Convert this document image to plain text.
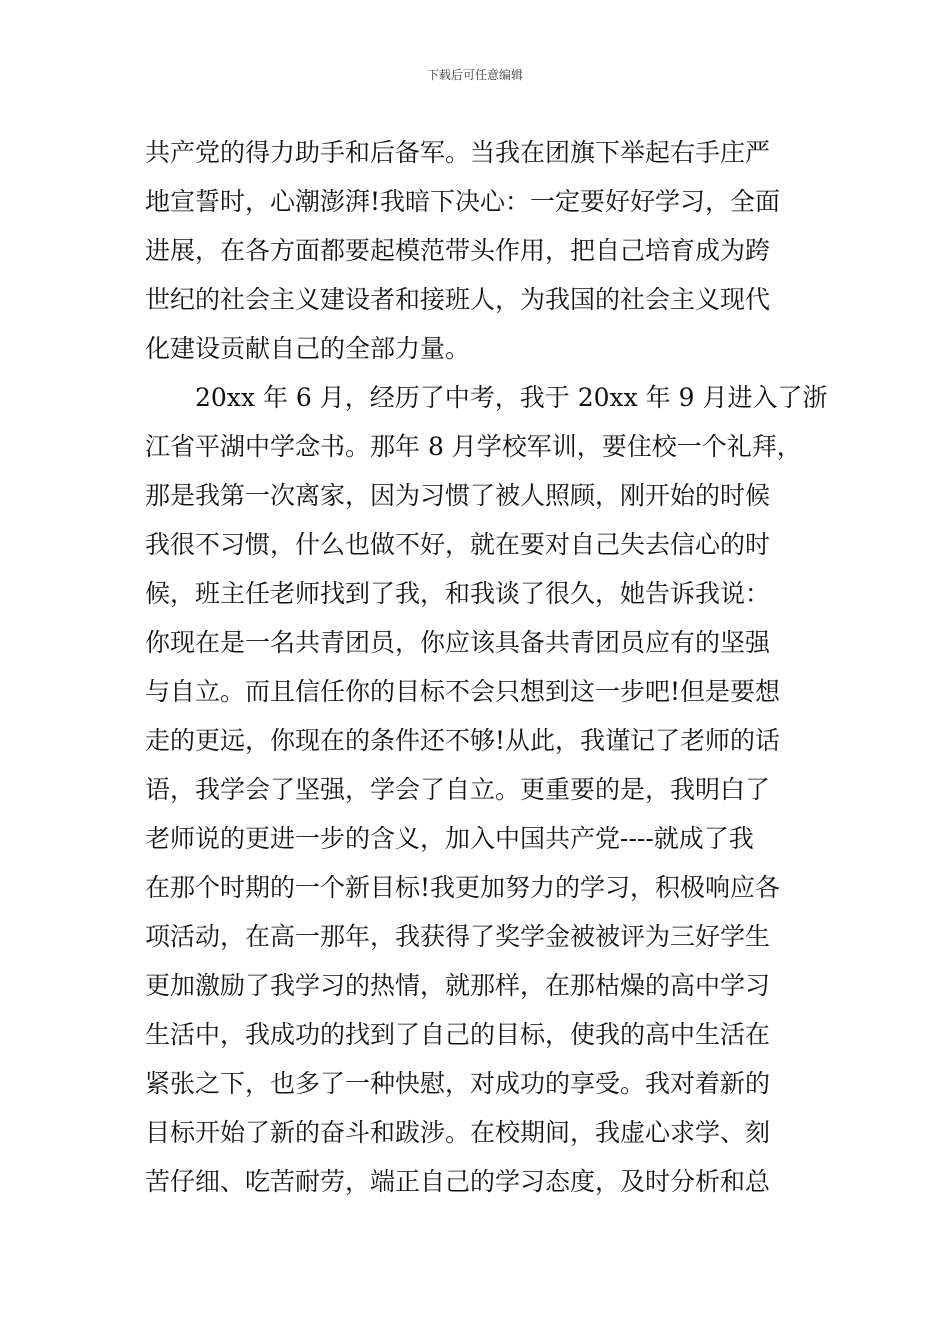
下载后可任意编辑
共产党的得力助手和后备军。当我在团旗下举起右手庄严
地宣誓时，心潮澎湃!我暗下决心：一定要好好学习，全面
进展，在各方面都要起模范带头作用，把自己培育成为跨
世纪的社会主义建设者和接班人，为我国的社会主义现代
化建设贡献自己的全部力量。
　　20xx 年 6 月，经历了中考，我于 20xx 年 9 月进入了浙
江省平湖中学念书。那年 8 月学校军训，要住校一个礼拜，
那是我第一次离家，因为习惯了被人照顾，刚开始的时候
我很不习惯，什么也做不好，就在要对自己失去信心的时
候，班主任老师找到了我，和我谈了很久，她告诉我说：
你现在是一名共青团员，你应该具备共青团员应有的坚强
与自立。而且信任你的目标不会只想到这一步吧!但是要想
走的更远，你现在的条件还不够!从此，我谨记了老师的话
语，我学会了坚强，学会了自立。更重要的是，我明白了
老师说的更进一步的含义，加入中国共产党----就成了我
在那个时期的一个新目标!我更加努力的学习，积极响应各
项活动，在高一那年，我获得了奖学金被被评为三好学生
更加激励了我学习的热情，就那样，在那枯燥的高中学习
生活中，我成功的找到了自己的目标，使我的高中生活在
紧张之下，也多了一种快慰，对成功的享受。我对着新的
目标开始了新的奋斗和跋涉。在校期间，我虚心求学、刻
苦仔细、吃苦耐劳，端正自己的学习态度，及时分析和总
